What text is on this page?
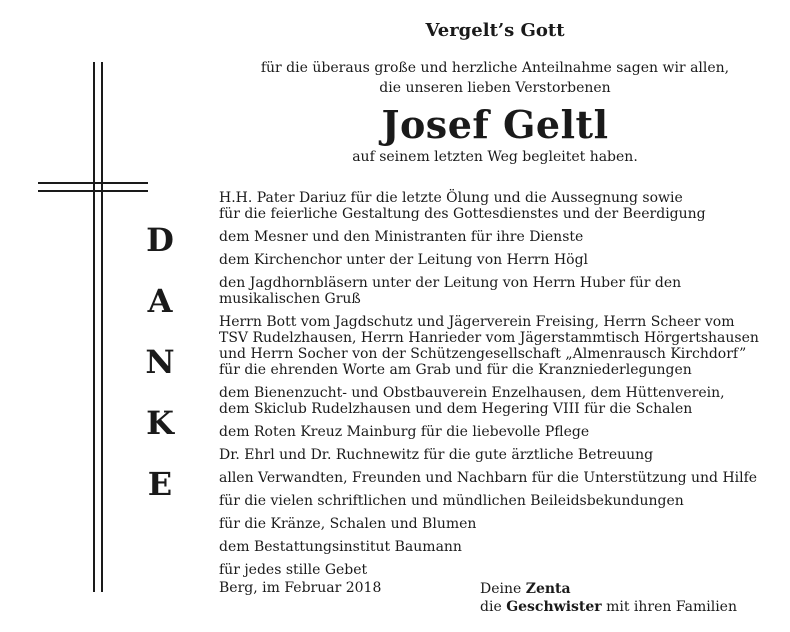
Vergelt’s Gott
für die überaus große und herzliche Anteilnahme sagen wir allen,
die unseren lieben Verstorbenen
Josef Geltl
auf seinem letzten Weg begleitet haben.
D
A
N
K
E
H.H. Pater Dariuz für die letzte Ölung und die Aussegnung sowie
für die feierliche Gestaltung des Gottesdienstes und der Beerdigung
dem Mesner und den Ministranten für ihre Dienste
dem Kirchenchor unter der Leitung von Herrn Högl
den Jagdhornbläsern unter der Leitung von Herrn Huber für den
musikalischen Gruß
Herrn Bott vom Jagdschutz und Jägerverein Freising, Herrn Scheer vom
TSV Rudelzhausen, Herrn Hanrieder vom Jägerstammtisch Hörgertshausen
und Herrn Socher von der Schützengesellschaft „Almenrausch Kirchdorf”
für die ehrenden Worte am Grab und für die Kranzniederlegungen
dem Bienenzucht- und Obstbauverein Enzelhausen, dem Hüttenverein,
dem Skiclub Rudelzhausen und dem Hegering VIII für die Schalen
dem Roten Kreuz Mainburg für die liebevolle Pflege
Dr. Ehrl und Dr. Ruchnewitz für die gute ärztliche Betreuung
allen Verwandten, Freunden und Nachbarn für die Unterstützung und Hilfe
für die vielen schriftlichen und mündlichen Beileidsbekundungen
für die Kränze, Schalen und Blumen
dem Bestattungsinstitut Baumann
für jedes stille Gebet
Berg, im Februar 2018	Deine Zenta
die Geschwister mit ihren Familien
